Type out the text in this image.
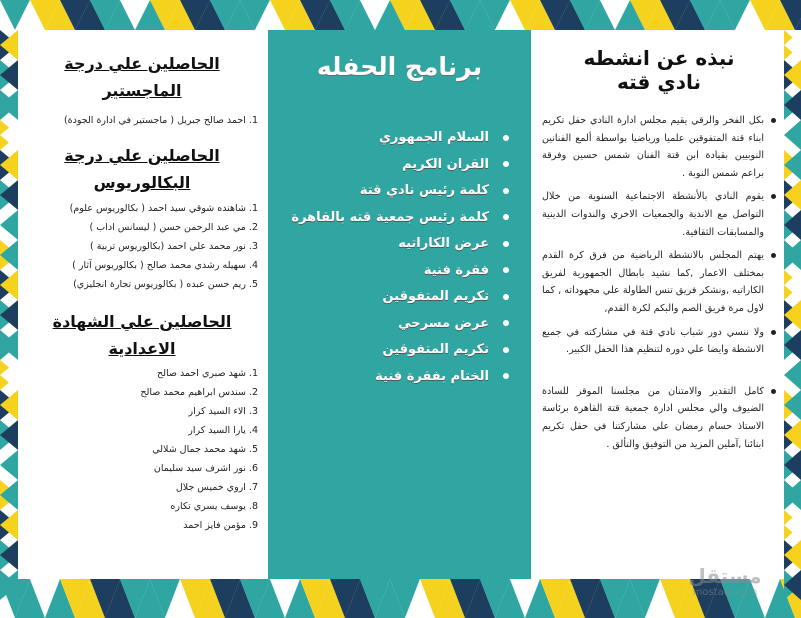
الحاصلين علي درجة
الماجستير
1. احمد صالح جبريل ( ماجستير في ادارة الجودة)
الحاصلين علي درجة
البكالوريوس
1. شاهنده شوقي سيد احمد ( بكالوريوس علوم)
2. مي عبد الرحمن حسن ( ليسانس اداب )
3. نور محمد علي احمد (بكالوريوس تربية )
4. سهيله رشدي محمد صالح ( بكالوريوس آثار )
5. ريم حسن عبده ( بكالوريوس تجارة انجليزي)
الحاصلين علي الشهادة
الاعدادية
1. شهد صبري احمد صالح
2. سندس ابراهيم محمد صالح
3. الاء السيد كرار
4. يارا السيد كرار
5. شهد محمد جمال شلالي
6. نور اشرف سيد سليمان
7. اروي خميس جلال
8. يوسف يسري تكاره
9. مؤمن فايز احمد
برنامج الحفله
السلام الجمهوري
القران الكريم
كلمة رئيس نادي قتة
كلمة رئيس جمعية قته بالقاهرة
عرض الكاراتيه
فقرة فنية
تكريم المتفوقين
عرض مسرحي
تكريم المتفوقين
الختام بفقرة فنية
نبذه عن انشطه
نادي قته
بكل الفخر والرقي يقيم مجلس ادارة النادي حفل تكريم ابناء قتة المتفوقين علميا ورياضيا بواسطة ألمع الفنانين النوبيين بقيادة ابن قتة الفنان شمس حسين وفرقة براعم شمس النوبة .
يقوم النادي بالأنشطة الاجتماعية السنوية من خلال التواصل مع الاندية والجمعيات الاخري والندوات الدينية والمسابقات الثقافية.
يهتم المجلس بالانشطة الرياضية من فرق كرة القدم بمختلف الاعمار ,كما نشيد بابطال الجمهورية لفريق الكاراتيه ,ونشكر فريق تنس الطاولة علي مجهوداته , كما لاول مرة فريق الصم والبكم لكرة القدم,
ولا ننسي دور شباب نادي قتة في مشاركته في جميع الانشطة وايضا علي دوره لتنظيم هذا الحفل الكبير.
كامل التقدير والامتنان من مجلسنا الموقر للسادة الضيوف والي مجلس ادارة جمعية قتة القاهرة برئاسة الاستاذ حسام رمضان علي مشاركتنا في حفل تكريم ابنائنا ,آملين المزيد من التوفيق والتألق .
مستقل
mostaql.com
